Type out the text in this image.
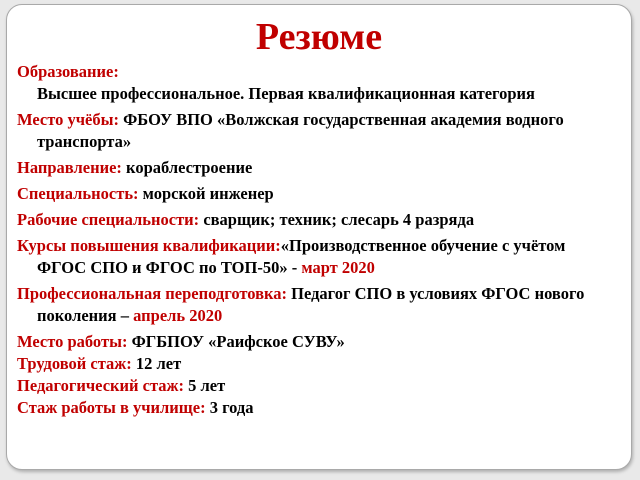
Резюме
Образование:
Высшее профессиональное. Первая квалификационная категория
Место учёбы: ФБОУ ВПО «Волжская государственная академия водного транспорта»
Направление: кораблестроение
Специальность: морской инженер
Рабочие специальности: сварщик; техник; слесарь 4 разряда
Курсы повышения квалификации:«Производственное обучение с учётом ФГОС СПО и ФГОС по ТОП-50» - март 2020
Профессиональная переподготовка: Педагог СПО в условиях ФГОС нового поколения – апрель 2020
Место работы: ФГБПОУ «Раифское СУВУ»
Трудовой стаж: 12 лет
Педагогический стаж: 5 лет
Стаж работы в училище: 3 года
